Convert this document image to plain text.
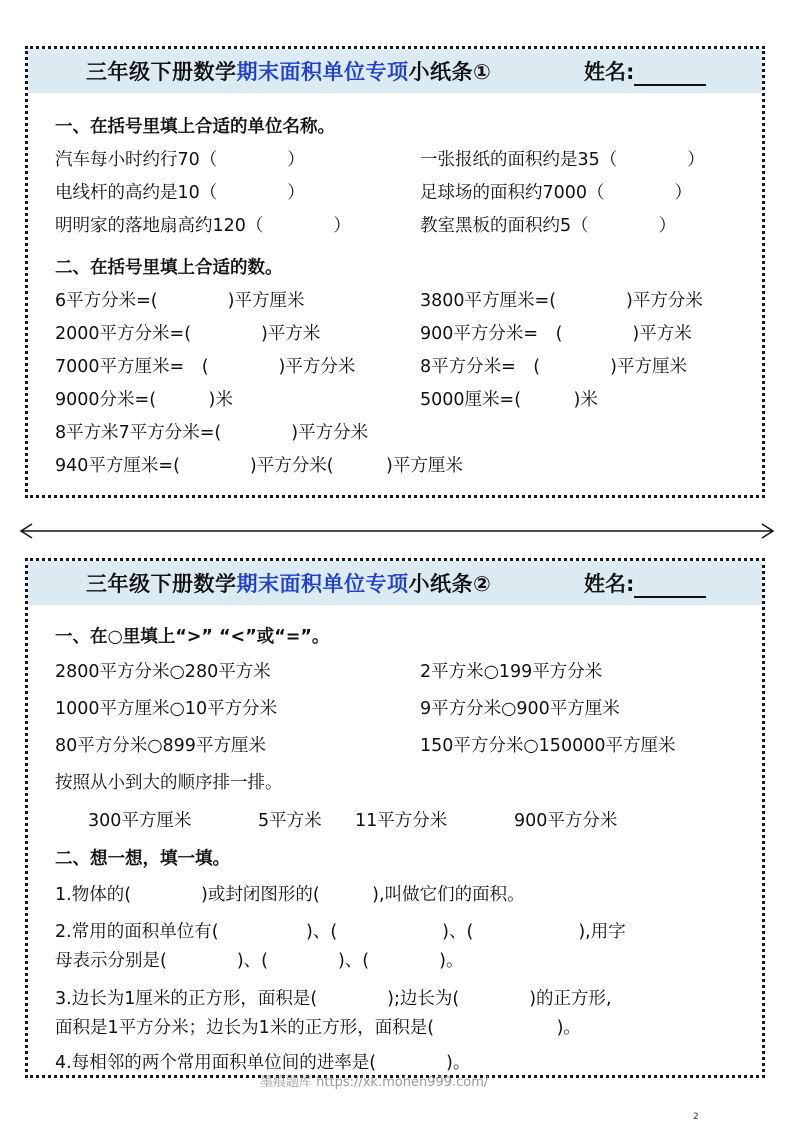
三年级下册数学期末面积单位专项小纸条①	姓名:
一、在括号里填上合适的单位名称。
汽车每小时约行70（　　　　）	一张报纸的面积约是35（　　　　）
电线杆的高约是10（　　　　）	足球场的面积约7000（　　　　）
明明家的落地扇高约120（　　　　）	教室黑板的面积约5（　　　　）
二、在括号里填上合适的数。
6平方分米=(　　　　)平方厘米	3800平方厘米=(　　　　)平方分米
2000平方分米=(　　　　)平方米	900平方分米=　(　　　　)平方米
7000平方厘米=　(　　　　)平方分米	8平方分米=　(　　　　)平方厘米
9000分米=(　　　)米	5000厘米=(　　　)米
8平方米7平方分米=(　　　　)平方分米
940平方厘米=(　　　　)平方分米(　　　)平方厘米
三年级下册数学期末面积单位专项小纸条②	姓名:
一、在○里填上“>” “<”或“=”。
2800平方分米○280平方米	2平方米○199平方分米
1000平方厘米○10平方分米	9平方分米○900平方厘米
80平方分米○899平方厘米	150平方分米○150000平方厘米
按照从小到大的顺序排一排。
300平方厘米	5平方米 11平方分米	900平方分米
二、想一想，填一填。
1.物体的(　　　　)或封闭图形的(　　　),叫做它们的面积。
2.常用的面积单位有(　　　　　)、(　　　　　　)、(　　　　　　),用字
母表示分别是(　　　　)、(　　　　)、(　　　　)。
3.边长为1厘米的正方形，面积是(　　　　);边长为(　　　　)的正方形,
面积是1平方分米；边长为1米的正方形，面积是(　　　　　　　)。
4.每相邻的两个常用面积单位间的进率是(　　　　)。
墨痕题库 https://xk.mohen999.com/
2
